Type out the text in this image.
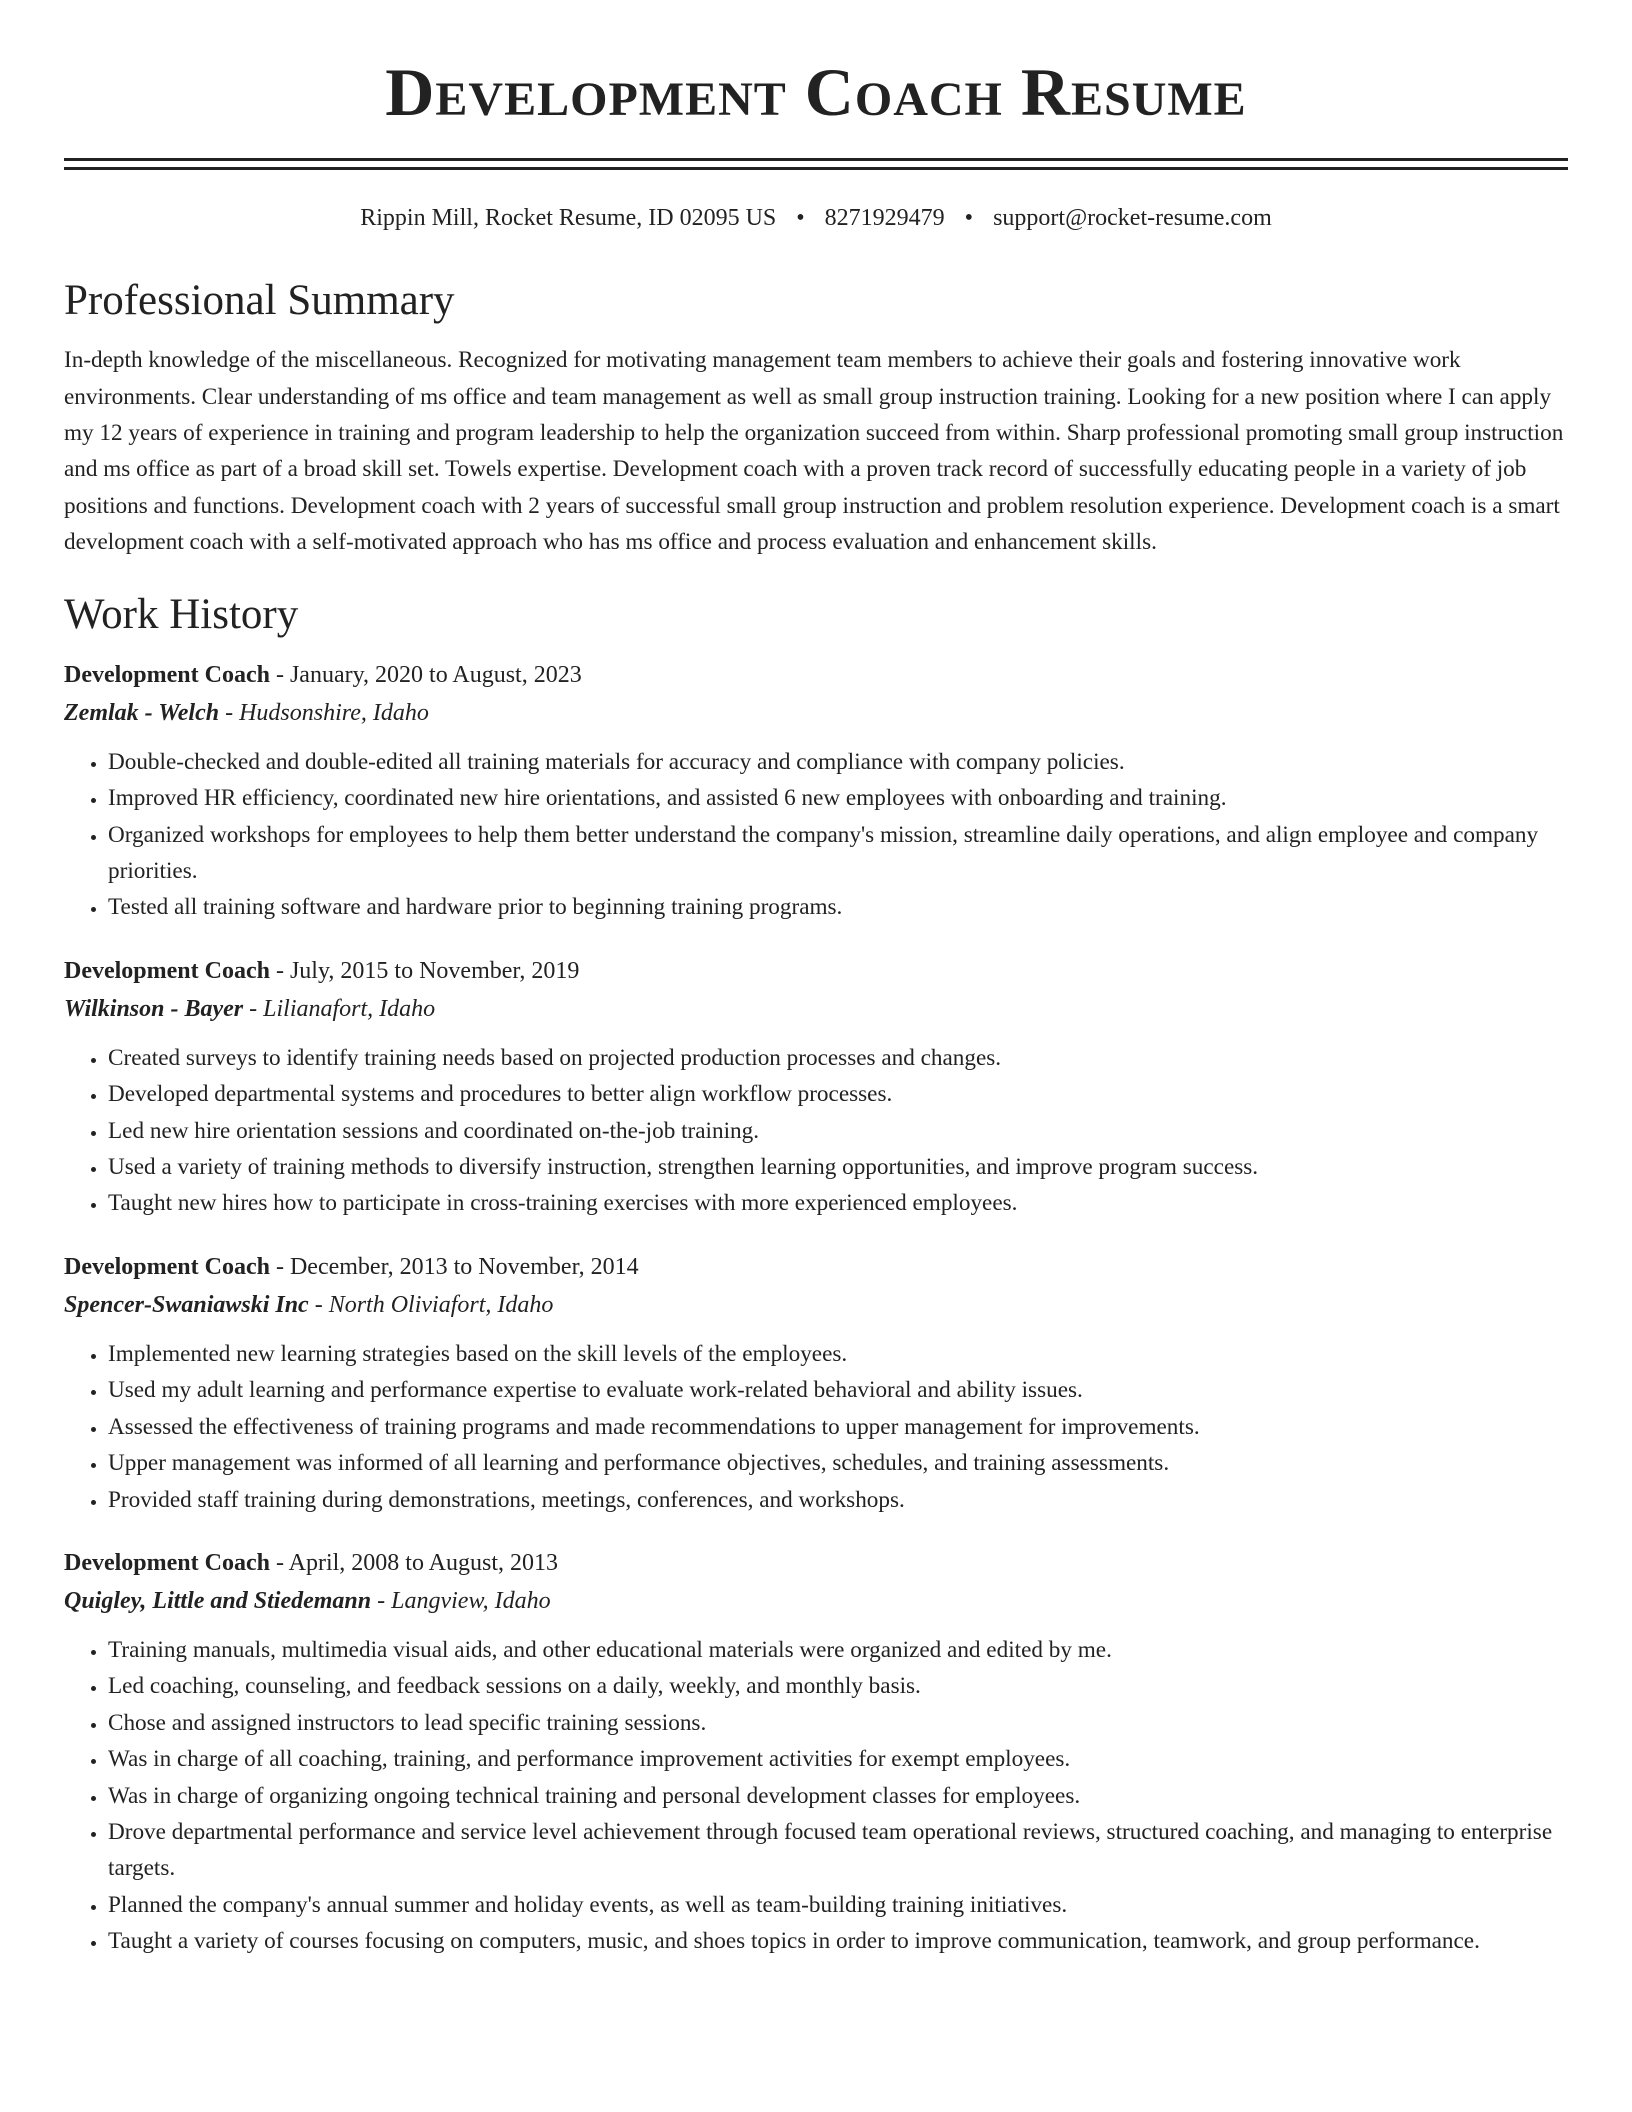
Development Coach Resume
Rippin Mill, Rocket Resume, ID 02095 US • 8271929479 • support@rocket-resume.com
Professional Summary

In-depth knowledge of the miscellaneous. Recognized for motivating management team members to achieve their goals and fostering innovative work environments. Clear understanding of ms office and team management as well as small group instruction training. Looking for a new position where I can apply my 12 years of experience in training and program leadership to help the organization succeed from within. Sharp professional promoting small group instruction and ms office as part of a broad skill set. Towels expertise. Development coach with a proven track record of successfully educating people in a variety of job positions and functions. Development coach with 2 years of successful small group instruction and problem resolution experience. Development coach is a smart development coach with a self-motivated approach who has ms office and process evaluation and enhancement skills.

Work History
Development Coach - January, 2020 to August, 2023
Zemlak - Welch - Hudsonshire, Idaho
• Double-checked and double-edited all training materials for accuracy and compliance with company policies.
• Improved HR efficiency, coordinated new hire orientations, and assisted 6 new employees with onboarding and training.
• Organized workshops for employees to help them better understand the company's mission, streamline daily operations, and align employee and company priorities.
• Tested all training software and hardware prior to beginning training programs.
Development Coach - July, 2015 to November, 2019
Wilkinson - Bayer - Lilianafort, Idaho
• Created surveys to identify training needs based on projected production processes and changes.
• Developed departmental systems and procedures to better align workflow processes.
• Led new hire orientation sessions and coordinated on-the-job training.
• Used a variety of training methods to diversify instruction, strengthen learning opportunities, and improve program success.
• Taught new hires how to participate in cross-training exercises with more experienced employees.
Development Coach - December, 2013 to November, 2014
Spencer-Swaniawski Inc - North Oliviafort, Idaho
• Implemented new learning strategies based on the skill levels of the employees.
• Used my adult learning and performance expertise to evaluate work-related behavioral and ability issues.
• Assessed the effectiveness of training programs and made recommendations to upper management for improvements.
• Upper management was informed of all learning and performance objectives, schedules, and training assessments.
• Provided staff training during demonstrations, meetings, conferences, and workshops.
Development Coach - April, 2008 to August, 2013
Quigley, Little and Stiedemann - Langview, Idaho
• Training manuals, multimedia visual aids, and other educational materials were organized and edited by me.
• Led coaching, counseling, and feedback sessions on a daily, weekly, and monthly basis.
• Chose and assigned instructors to lead specific training sessions.
• Was in charge of all coaching, training, and performance improvement activities for exempt employees.
• Was in charge of organizing ongoing technical training and personal development classes for employees.
• Drove departmental performance and service level achievement through focused team operational reviews, structured coaching, and managing to enterprise targets.
• Planned the company's annual summer and holiday events, as well as team-building training initiatives.
• Taught a variety of courses focusing on computers, music, and shoes topics in order to improve communication, teamwork, and group performance.
